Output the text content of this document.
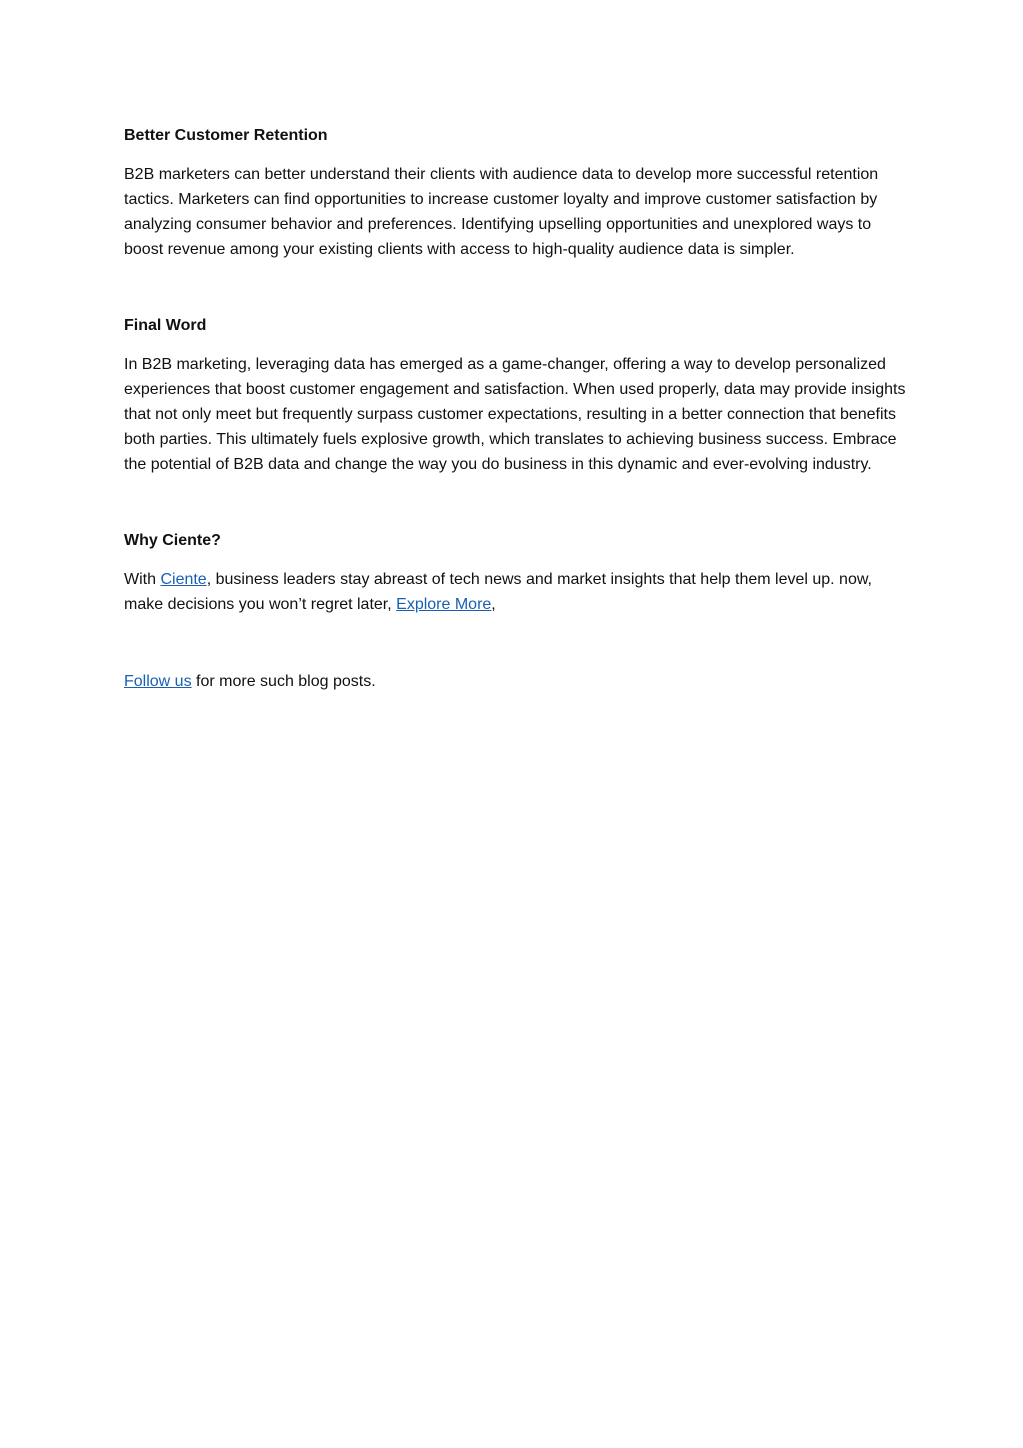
Better Customer Retention

B2B marketers can better understand their clients with audience data to develop more successful retention tactics. Marketers can find opportunities to increase customer loyalty and improve customer satisfaction by analyzing consumer behavior and preferences. Identifying upselling opportunities and unexplored ways to boost revenue among your existing clients with access to high-quality audience data is simpler.

Final Word

In B2B marketing, leveraging data has emerged as a game-changer, offering a way to develop personalized experiences that boost customer engagement and satisfaction. When used properly, data may provide insights that not only meet but frequently surpass customer expectations, resulting in a better connection that benefits both parties. This ultimately fuels explosive growth, which translates to achieving business success. Embrace the potential of B2B data and change the way you do business in this dynamic and ever-evolving industry.

Why Ciente?

With Ciente, business leaders stay abreast of tech news and market insights that help them level up. now, make decisions you won’t regret later, Explore More,

Follow us for more such blog posts.
